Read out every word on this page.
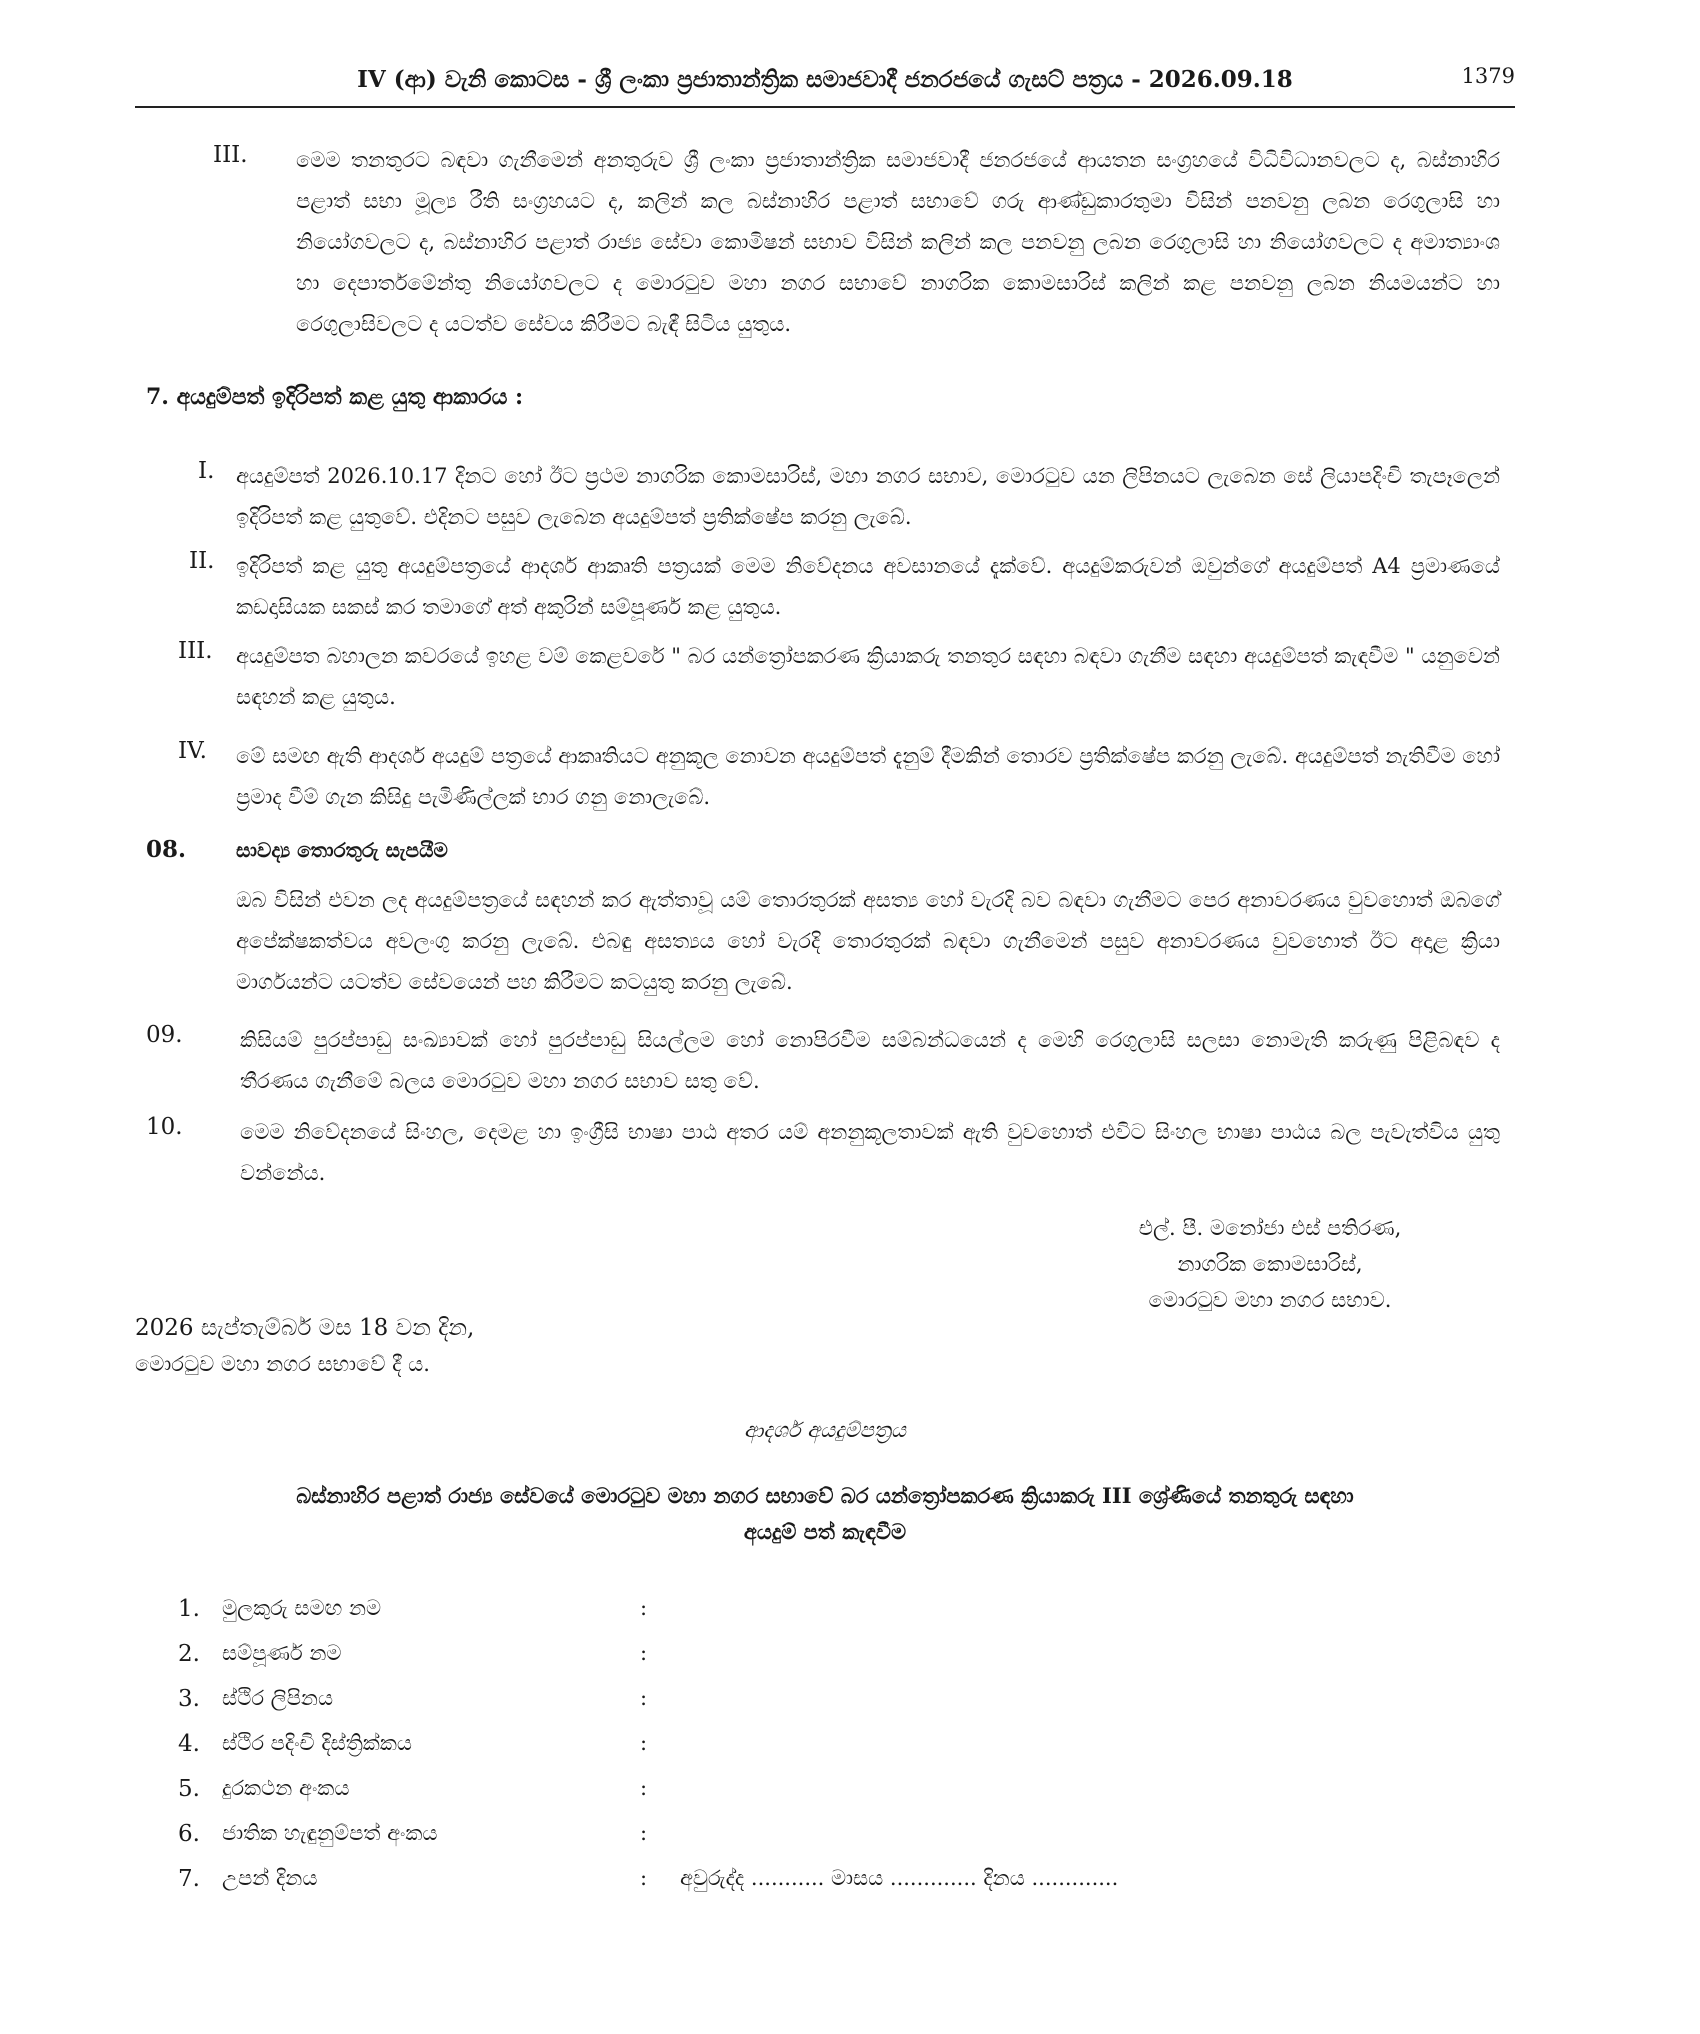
IV (ආ) වැනි කොටස - ශ්‍රී ලංකා ප්‍රජාතාන්ත්‍රික සමාජවාදී ජනරජයේ ගැසට් පත්‍රය - 2026.09.18	1379
III. මෙම තනතුරට බඳවා ගැනීමෙන් අනතුරුව ශ්‍රී ලංකා ප්‍රජාතාන්ත්‍රික සමාජවාදී ජනරජයේ ආයතන සංග්‍රහයේ විධිවිධානවලට ද, බස්නාහිර පළාත් සභා මූල්‍ය රීති සංග්‍රහයට ද, කලින් කල බස්නාහිර පළාත් සභාවේ ගරු ආණ්ඩුකාරතුමා විසින් පනවනු ලබන රෙගුලාසි හා නියෝගවලට ද, බස්නාහිර පළාත් රාජ්‍ය සේවා කොමිෂන් සභාව විසින් කලින් කල පනවනු ලබන රෙගුලාසි හා නියෝගවලට ද අමාත්‍යාංශ හා දෙපාර්තමේන්තු නියෝගවලට ද මොරටුව මහා නගර සභාවේ නාගරික කොමසාරිස් කලින් කළ පනවනු ලබන නියමයන්ට හා රෙගුලාසිවලට ද යටත්ව සේවය කිරීමට බැඳී සිටිය යුතුය.

7. අයදුම්පත් ඉදිරිපත් කළ යුතු ආකාරය :
I. අයදුම්පත් 2026.10.17 දිනට හෝ ඊට ප්‍රථම නාගරික කොමසාරිස්, මහා නගර සභාව, මොරටුව යන ලිපිනයට ලැබෙන සේ ලියාපදිංචි තැපෑලෙන් ඉදිරිපත් කළ යුතුවේ. එදිනට පසුව ලැබෙන අයදුම්පත් ප්‍රතික්ෂේප කරනු ලැබේ.

II. ඉදිරිපත් කළ යුතු අයදුම්පත්‍රයේ ආදර්ශ ආකෘති පත්‍රයක් මෙම නිවේදනය අවසානයේ දැක්වේ. අයදුම්කරුවන් ඔවුන්ගේ අයදුම්පත් A4 ප්‍රමාණයේ කඩදාසියක සකස් කර තමාගේ අත් අකුරින් සම්පූර්ණ කළ යුතුය.

III. අයදුම්පත බහාලන කවරයේ ඉහළ වම් කෙළවරේ " බර යන්ත්‍රෝපකරණ ක්‍රියාකරු තනතුර සඳහා බඳවා ගැනීම සඳහා අයදුම්පත් කැඳවීම " යනුවෙන් සඳහන් කළ යුතුය.

IV. මේ සමඟ ඇති ආදර්ශ අයදුම් පත්‍රයේ ආකෘතියට අනුකූල නොවන අයදුම්පත් දැනුම් දීමකින් තොරව ප්‍රතික්ෂේප කරනු ලැබේ. අයදුම්පත් නැතිවීම හෝ ප්‍රමාද වීම් ගැන කිසිදු පැමිණිල්ලක් භාර ගනු නොලැබේ.

08. සාවද්‍ය තොරතුරු සැපයීම

ඔබ විසින් එවන ලද අයදුම්පත්‍රයේ සඳහන් කර ඇත්තාවූ යම් තොරතුරක් අසත්‍ය හෝ වැරදි බව බඳවා ගැනීමට පෙර අනාවරණය වුවහොත් ඔබගේ අපේක්ෂකත්වය අවලංගු කරනු ලැබේ. එබඳු අසත්‍යය හෝ වැරදි තොරතුරක් බඳවා ගැනීමෙන් පසුව අනාවරණය වුවහොත් ඊට අදාළ ක්‍රියා මාර්ගයන්ට යටත්ව සේවයෙන් පහ කිරීමට කටයුතු කරනු ලැබේ.

09.	කිසියම් පුරප්පාඩු සංඛ්‍යාවක් හෝ පුරප්පාඩු සියල්ලම හෝ නොපිරවීම සම්බන්ධයෙන් ද මෙහි රෙගුලාසි සලසා නොමැති කරුණු පිළිබඳව ද තීරණය ගැනීමේ බලය මොරටුව මහා නගර සභාව සතු වේ.

10.	මෙම නිවේදනයේ සිංහල, දෙමළ හා ඉංග්‍රීසි භාෂා පාඨ අතර යම් අනනුකූලතාවක් ඇති වුවහොත් එවිට සිංහල භාෂා පාඨය බල පැවැත්විය යුතු වන්නේය.

එල්. පී. මනෝජා එස් පතිරණ,
නාගරික කොමසාරිස්,
මොරටුව මහා නගර සභාව.
2026 සැප්තැම්බර් මස 18 වන දින,
මොරටුව මහා නගර සභාවේ දී ය.
ආදර්ශ අයදුම්පත්‍රය
බස්නාහිර පළාත් රාජ්‍ය සේවයේ මොරටුව මහා නගර සභාවේ බර යන්ත්‍රෝපකරණ ක්‍රියාකරු III ශ්‍රේණියේ තනතුරු සඳහා
අයදුම් පත් කැඳවීම
1. මුලකුරු සමඟ නම	:
2. සම්පූර්ණ නම	:
3. ස්ථිර ලිපිනය	:
4. ස්ථිර පදිංචි දිස්ත්‍රික්කය	:
5. දුරකථන අංකය	:
6. ජාතික හැඳුනුම්පත් අංකය	:
7. උපන් දිනය	: අවුරුද්ද ........... මාසය ............. දිනය .............
